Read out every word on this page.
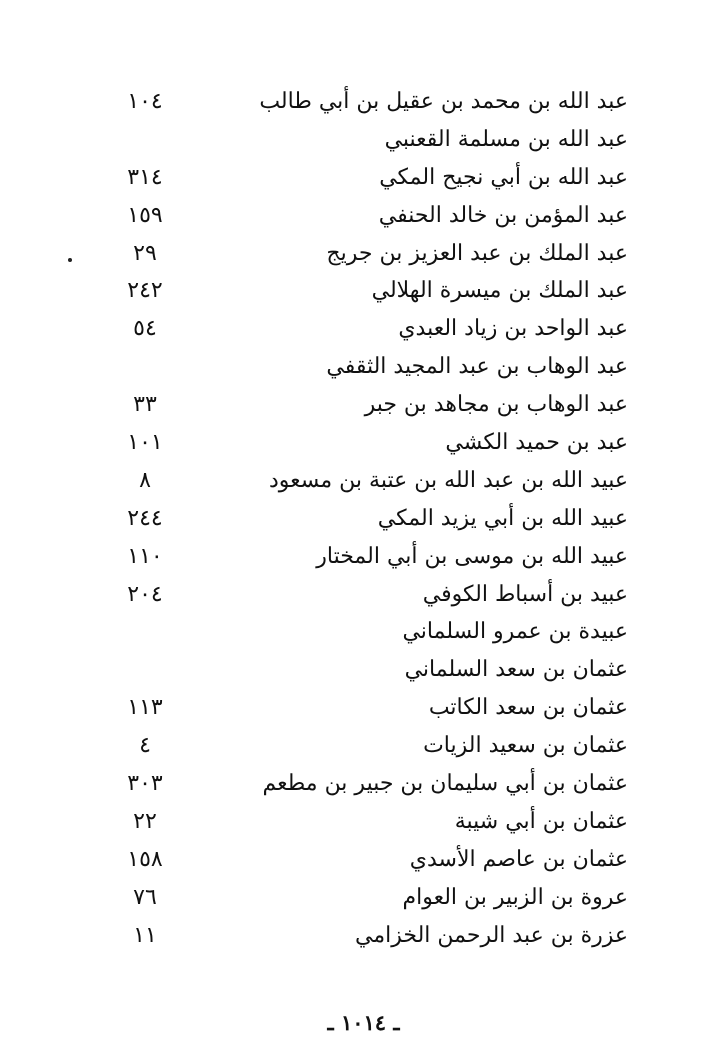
عبد الله بن محمد بن عقيل بن أبي طالب
١٠٤
عبد الله بن مسلمة القعنبي
عبد الله بن أبي نجيح المكي
٣١٤
عبد المؤمن بن خالد الحنفي
١٥٩
عبد الملك بن عبد العزيز بن جريج
٢٩
عبد الملك بن ميسرة الهلالي
٢٤٢
عبد الواحد بن زياد العبدي
٥٤
عبد الوهاب بن عبد المجيد الثقفي
عبد الوهاب بن مجاهد بن جبر
٣٣
عبد بن حميد الكشي
١٠١
عبيد الله بن عبد الله بن عتبة بن مسعود
٨
عبيد الله بن أبي يزيد المكي
٢٤٤
عبيد الله بن موسى بن أبي المختار
١١٠
عبيد بن أسباط الكوفي
٢٠٤
عبيدة بن عمرو السلماني
عثمان بن سعد السلماني
عثمان بن سعد الكاتب
١١٣
عثمان بن سعيد الزيات
٤
عثمان بن أبي سليمان بن جبير بن مطعم
٣٠٣
عثمان بن أبي شيبة
٢٢
عثمان بن عاصم الأسدي
١٥٨
عروة بن الزبير بن العوام
٧٦
عزرة بن عبد الرحمن الخزامي
١١
ـ ١٠١٤ ـ
